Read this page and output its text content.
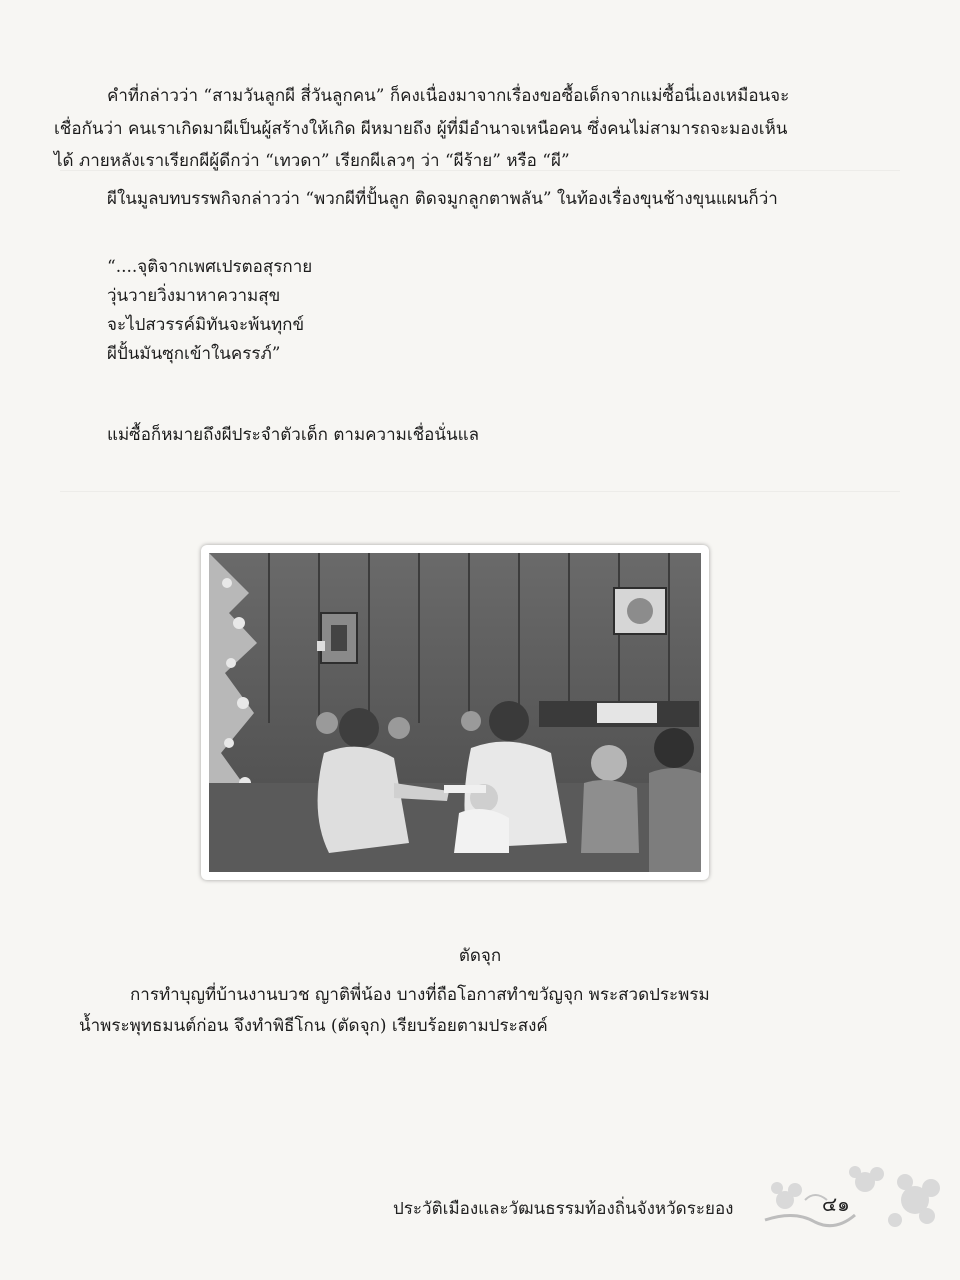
คำที่กล่าวว่า “สามวันลูกผี สี่วันลูกคน” ก็คงเนื่องมาจากเรื่องขอซื้อเด็กจากแม่ซื้อนี่เองเหมือนจะ
เชื่อกันว่า คนเราเกิดมาผีเป็นผู้สร้างให้เกิด ผีหมายถึง ผู้ที่มีอำนาจเหนือคน ซึ่งคนไม่สามารถจะมองเห็น
ได้ ภายหลังเราเรียกผีผู้ดีกว่า “เทวดา” เรียกผีเลวๆ ว่า “ผีร้าย” หรือ “ผี”
ผีในมูลบทบรรพกิจกล่าวว่า “พวกผีที่ปั้นลูก ติดจมูกลูกตาพลัน” ในท้องเรื่องขุนช้างขุนแผนก็ว่า
“....จุติจากเพศเปรตอสุรกาย
วุ่นวายวิ่งมาหาความสุข
จะไปสวรรค์มิทันจะพ้นทุกข์
ผีปั้นมันซุกเข้าในครรภ์”
แม่ซื้อก็หมายถึงผีประจำตัวเด็ก ตามความเชื่อนั่นแล
ตัดจุก
การทำบุญที่บ้านงานบวช ญาติพี่น้อง บางที่ถือโอกาสทำขวัญจุก พระสวดประพรม
น้ำพระพุทธมนต์ก่อน จึงทำพิธีโกน (ตัดจุก) เรียบร้อยตามประสงค์
ประวัติเมืองและวัฒนธรรมท้องถิ่นจังหวัดระยอง	๔๑
